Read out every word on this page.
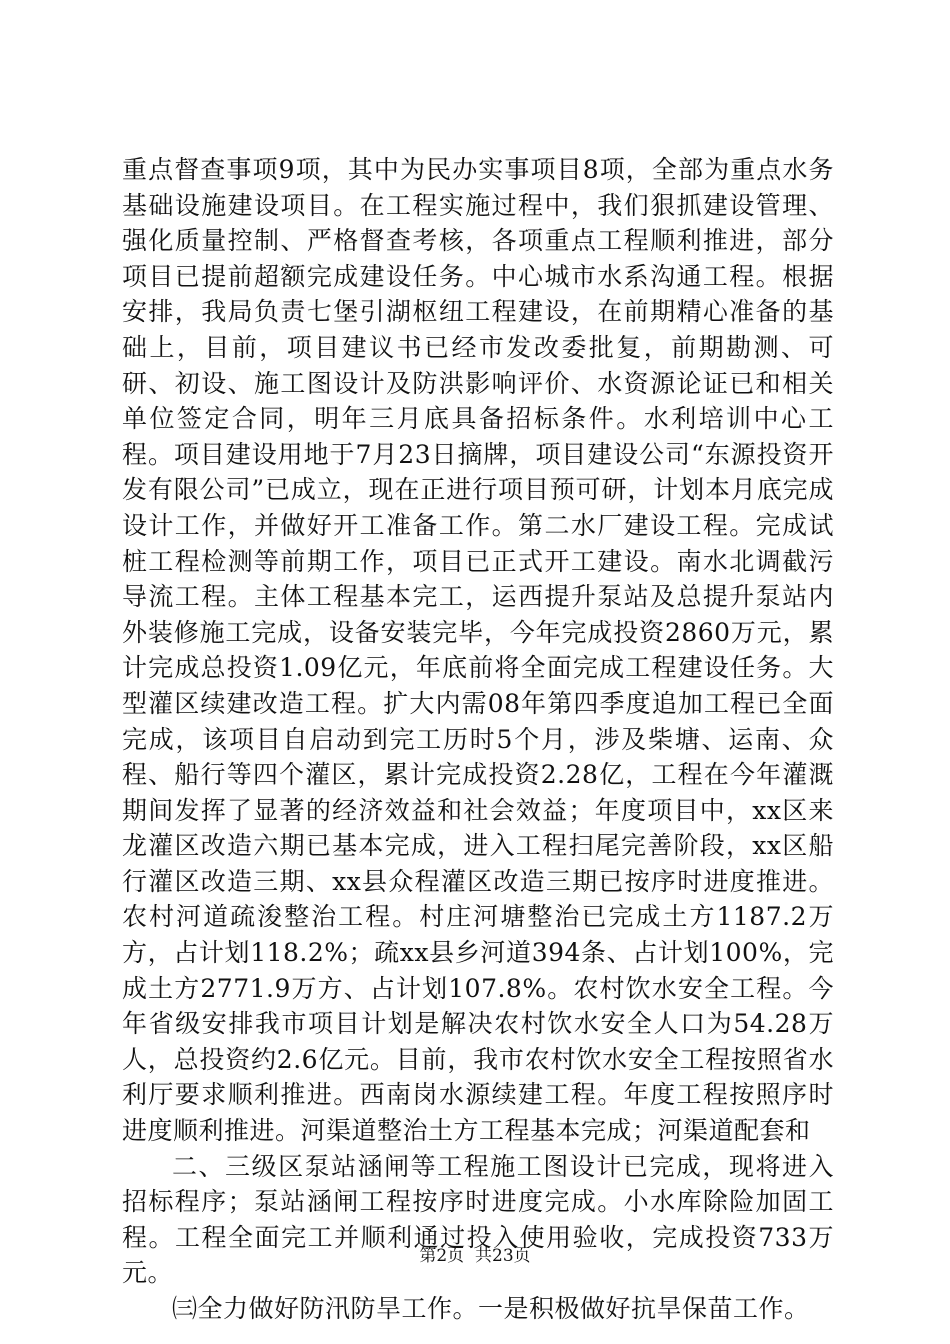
重点督查事项9项，其中为民办实事项目8项，全部为重点水务基础设施建设项目。在工程实施过程中，我们狠抓建设管理、强化质量控制、严格督查考核，各项重点工程顺利推进，部分项目已提前超额完成建设任务。中心城市水系沟通工程。根据安排，我局负责七堡引湖枢纽工程建设，在前期精心准备的基础上，目前，项目建议书已经市发改委批复，前期勘测、可研、初设、施工图设计及防洪影响评价、水资源论证已和相关单位签定合同，明年三月底具备招标条件。水利培训中心工程。项目建设用地于7月23日摘牌，项目建设公司“东源投资开发有限公司”已成立，现在正进行项目预可研，计划本月底完成设计工作，并做好开工准备工作。第二水厂建设工程。完成试桩工程检测等前期工作，项目已正式开工建设。南水北调截污导流工程。主体工程基本完工，运西提升泵站及总提升泵站内外装修施工完成，设备安装完毕，今年完成投资2860万元，累计完成总投资1.09亿元，年底前将全面完成工程建设任务。大型灌区续建改造工程。扩大内需08年第四季度追加工程已全面完成，该项目自启动到完工历时5个月，涉及柴塘、运南、众程、船行等四个灌区，累计完成投资2.28亿，工程在今年灌溉期间发挥了显著的经济效益和社会效益；年度项目中，xx区来龙灌区改造六期已基本完成，进入工程扫尾完善阶段，xx区船行灌区改造三期、xx县众程灌区改造三期已按序时进度推进。农村河道疏浚整治工程。村庄河塘整治已完成土方1187.2万方，占计划118.2%；疏xx县乡河道394条、占计划100%，完成土方2771.9万方、占计划107.8%。农村饮水安全工程。今年省级安排我市项目计划是解决农村饮水安全人口为54.28万人，总投资约2.6亿元。目前，我市农村饮水安全工程按照省水利厅要求顺利推进。西南岗水源续建工程。年度工程按照序时进度顺利推进。河渠道整治土方工程基本完成；河渠道配套和

二、三级区泵站涵闸等工程施工图设计已完成，现将进入招标程序；泵站涵闸工程按序时进度完成。小水库除险加固工程。工程全面完工并顺利通过投入使用验收，完成投资733万元。

㈢全力做好防汛防旱工作。一是积极做好抗旱保苗工作。

第2页 共23页
